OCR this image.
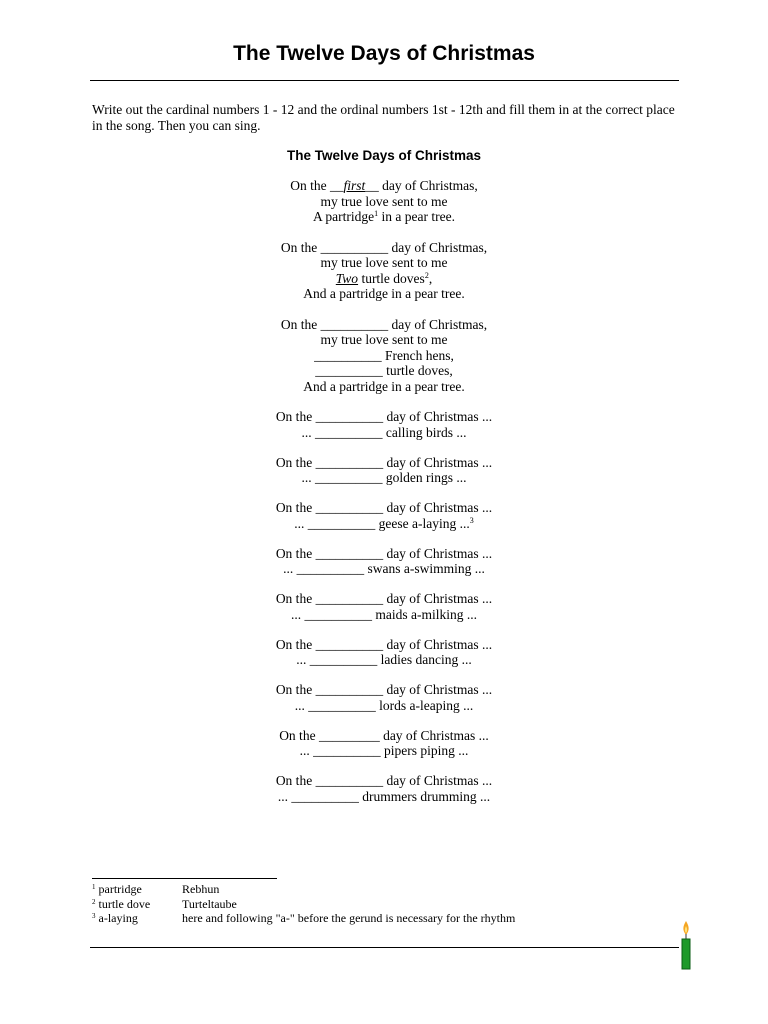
The Twelve Days of Christmas

Write out the cardinal numbers 1 - 12 and the ordinal numbers 1st - 12th and fill them in at the correct place in the song. Then you can sing.

The Twelve Days of Christmas
On the __first__ day of Christmas,
my true love sent to me
A partridge$^1$ in a pear tree.
On the __________ day of Christmas,
my true love sent to me
Two turtle doves$^2$,
And a partridge in a pear tree.
On the __________ day of Christmas,
my true love sent to me
__________ French hens,
__________ turtle doves,
And a partridge in a pear tree.
On the __________ day of Christmas ...
... __________ calling birds ...
On the __________ day of Christmas ...
... __________ golden rings ...
On the __________ day of Christmas ...
... __________ geese a-laying ...$^3$
On the __________ day of Christmas ...
... __________ swans a-swimming ...
On the __________ day of Christmas ...
... __________ maids a-milking ...
On the __________ day of Christmas ...
... __________ ladies dancing ...
On the __________ day of Christmas ...
... __________ lords a-leaping ...
On the _________ day of Christmas ...
... __________ pipers piping ...
On the __________ day of Christmas ...
... __________ drummers drumming ...
$^1$ partridge	Rebhun
$^2$ turtle dove	Turteltaube
$^3$ a-laying	here and following "a-" before the gerund is necessary for the rhythm
